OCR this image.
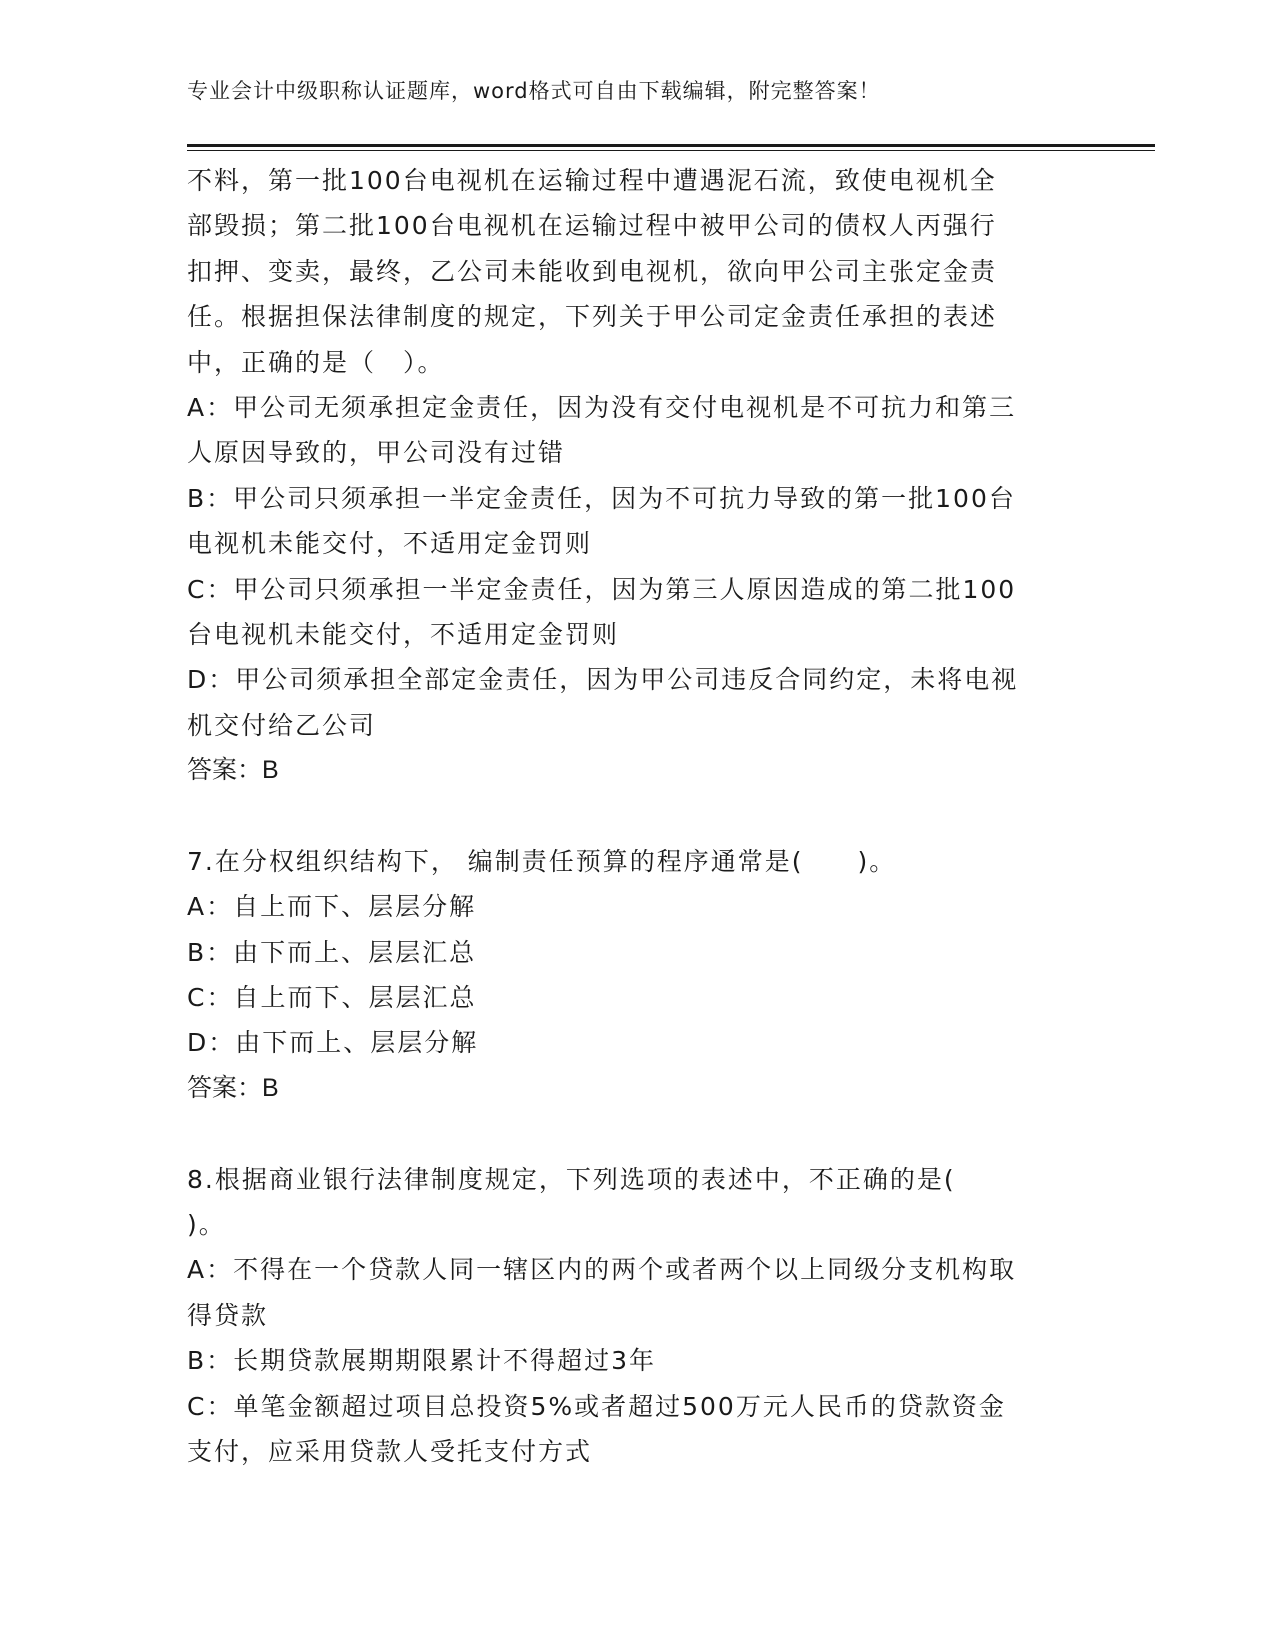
专业会计中级职称认证题库，word格式可自由下载编辑，附完整答案！
不料，第一批100台电视机在运输过程中遭遇泥石流，致使电视机全
部毁损；第二批100台电视机在运输过程中被甲公司的债权人丙强行
扣押、变卖，最终，乙公司未能收到电视机，欲向甲公司主张定金责
任。根据担保法律制度的规定，下列关于甲公司定金责任承担的表述
中，正确的是（　）。
A：甲公司无须承担定金责任，因为没有交付电视机是不可抗力和第三
人原因导致的，甲公司没有过错
B：甲公司只须承担一半定金责任，因为不可抗力导致的第一批100台
电视机未能交付，不适用定金罚则
C：甲公司只须承担一半定金责任，因为第三人原因造成的第二批100
台电视机未能交付，不适用定金罚则
D：甲公司须承担全部定金责任，因为甲公司违反合同约定，未将电视
机交付给乙公司
答案：B
7.在分权组织结构下， 编制责任预算的程序通常是(　　)。
A：自上而下、层层分解
B：由下而上、层层汇总
C：自上而下、层层汇总
D：由下而上、层层分解
答案：B
8.根据商业银行法律制度规定，下列选项的表述中，不正确的是(
)。
A：不得在一个贷款人同一辖区内的两个或者两个以上同级分支机构取
得贷款
B：长期贷款展期期限累计不得超过3年
C：单笔金额超过项目总投资5%或者超过500万元人民币的贷款资金
支付，应采用贷款人受托支付方式
